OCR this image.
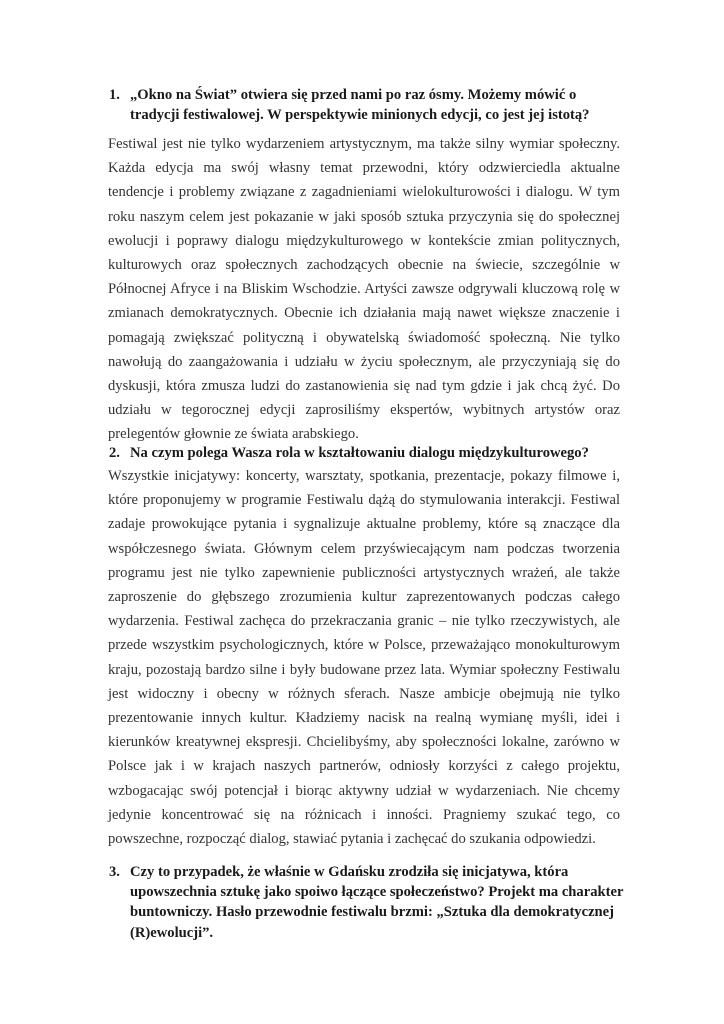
1. „Okno na Świat” otwiera się przed nami po raz ósmy. Możemy mówić o tradycji festiwalowej. W perspektywie minionych edycji, co jest jej istotą?

Festiwal jest nie tylko wydarzeniem artystycznym, ma także silny wymiar społeczny. Każda edycja ma swój własny temat przewodni, który odzwierciedla aktualne tendencje i problemy związane z zagadnieniami wielokulturowości i dialogu. W tym roku naszym celem jest pokazanie w jaki sposób sztuka przyczynia się do społecznej ewolucji i poprawy dialogu międzykulturowego w kontekście zmian politycznych, kulturowych oraz społecznych zachodzących obecnie na świecie, szczególnie w Północnej Afryce i na Bliskim Wschodzie. Artyści zawsze odgrywali kluczową rolę w zmianach demokratycznych. Obecnie ich działania mają nawet większe znaczenie i pomagają zwiększać polityczną i obywatelską świadomość społeczną. Nie tylko nawołują do zaangażowania i udziału w życiu społecznym, ale przyczyniają się do dyskusji, która zmusza ludzi do zastanowienia się nad tym gdzie i jak chcą żyć. Do udziału w tegorocznej edycji zaprosiliśmy ekspertów, wybitnych artystów oraz prelegentów głownie ze świata arabskiego.

2. Na czym polega Wasza rola w kształtowaniu dialogu międzykulturowego?

Wszystkie inicjatywy: koncerty, warsztaty, spotkania, prezentacje, pokazy filmowe i, które proponujemy w programie Festiwalu dążą do stymulowania interakcji. Festiwal zadaje prowokujące pytania i sygnalizuje aktualne problemy, które są znaczące dla współczesnego świata. Głównym celem przyświecającym nam podczas tworzenia programu jest nie tylko zapewnienie publiczności artystycznych wrażeń, ale także zaproszenie do głębszego zrozumienia kultur zaprezentowanych podczas całego wydarzenia. Festiwal zachęca do przekraczania granic – nie tylko rzeczywistych, ale przede wszystkim psychologicznych, które w Polsce, przeważająco monokulturowym kraju, pozostają bardzo silne i były budowane przez lata. Wymiar społeczny Festiwalu jest widoczny i obecny w różnych sferach. Nasze ambicje obejmują nie tylko prezentowanie innych kultur. Kładziemy nacisk na realną wymianę myśli, idei i kierunków kreatywnej ekspresji. Chcielibyśmy, aby społeczności lokalne, zarówno w Polsce jak i w krajach naszych partnerów, odniosły korzyści z całego projektu, wzbogacając swój potencjał i biorąc aktywny udział w wydarzeniach. Nie chcemy jedynie koncentrować się na różnicach i inności. Pragniemy szukać tego, co powszechne, rozpocząć dialog, stawiać pytania i zachęcać do szukania odpowiedzi.

3. Czy to przypadek, że właśnie w Gdańsku zrodziła się inicjatywa, która upowszechnia sztukę jako spoiwo łączące społeczeństwo? Projekt ma charakter buntowniczy. Hasło przewodnie festiwalu brzmi: „Sztuka dla demokratycznej (R)ewolucji”.
